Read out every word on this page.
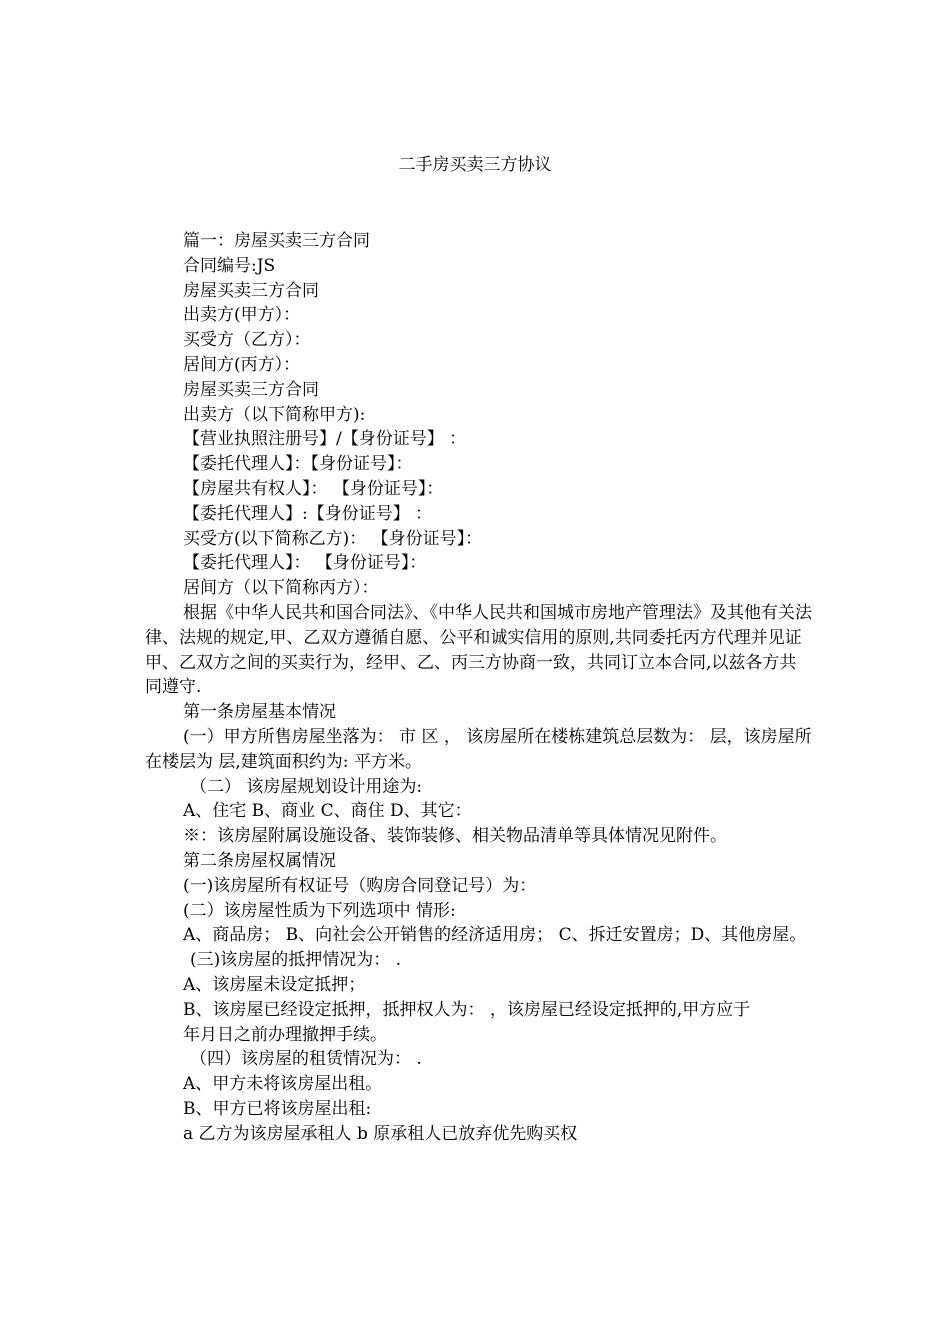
二手房买卖三方协议

篇一：房屋买卖三方合同

合同编号:JS

房屋买卖三方合同

出卖方(甲方）：

买受方（乙方）：

居间方(丙方）：

房屋买卖三方合同

出卖方（以下简称甲方):

【营业执照注册号】/【身份证号】 ：

【委托代理人】：【身份证号】：

【房屋共有权人】： 【身份证号】：

【委托代理人】:【身份证号】 ：

买受方(以下简称乙方)： 【身份证号】：

【委托代理人】： 【身份证号】：

居间方（以下简称丙方）：

根据《中华人民共和国合同法》、《中华人民共和国城市房地产管理法》及其他有关法律、法规的规定,甲、乙双方遵循自愿、公平和诚实信用的原则,共同委托丙方代理并见证甲、乙双方之间的买卖行为，经甲、乙、丙三方协商一致，共同订立本合同,以兹各方共同遵守.

第一条房屋基本情况

(一）甲方所售房屋坐落为： 市 区 ， 该房屋所在楼栋建筑总层数为： 层，该房屋所在楼层为 层,建筑面积约为: 平方米。

（二） 该房屋规划设计用途为:

A、住宅 B、商业 C、商住 D、其它：

※：该房屋附属设施设备、装饰装修、相关物品清单等具体情况见附件。

第二条房屋权属情况

(一)该房屋所有权证号（购房合同登记号）为：

(二）该房屋性质为下列选项中 情形:

A、商品房； B、向社会公开销售的经济适用房； C、拆迁安置房；D、其他房屋。

(三)该房屋的抵押情况为： .

A、该房屋未设定抵押；

B、该房屋已经设定抵押，抵押权人为： ，该房屋已经设定抵押的,甲方应于

年月日之前办理撤押手续。

（四）该房屋的租赁情况为： .

A、甲方未将该房屋出租。

B、甲方已将该房屋出租:

a 乙方为该房屋承租人 b 原承租人已放弃优先购买权
